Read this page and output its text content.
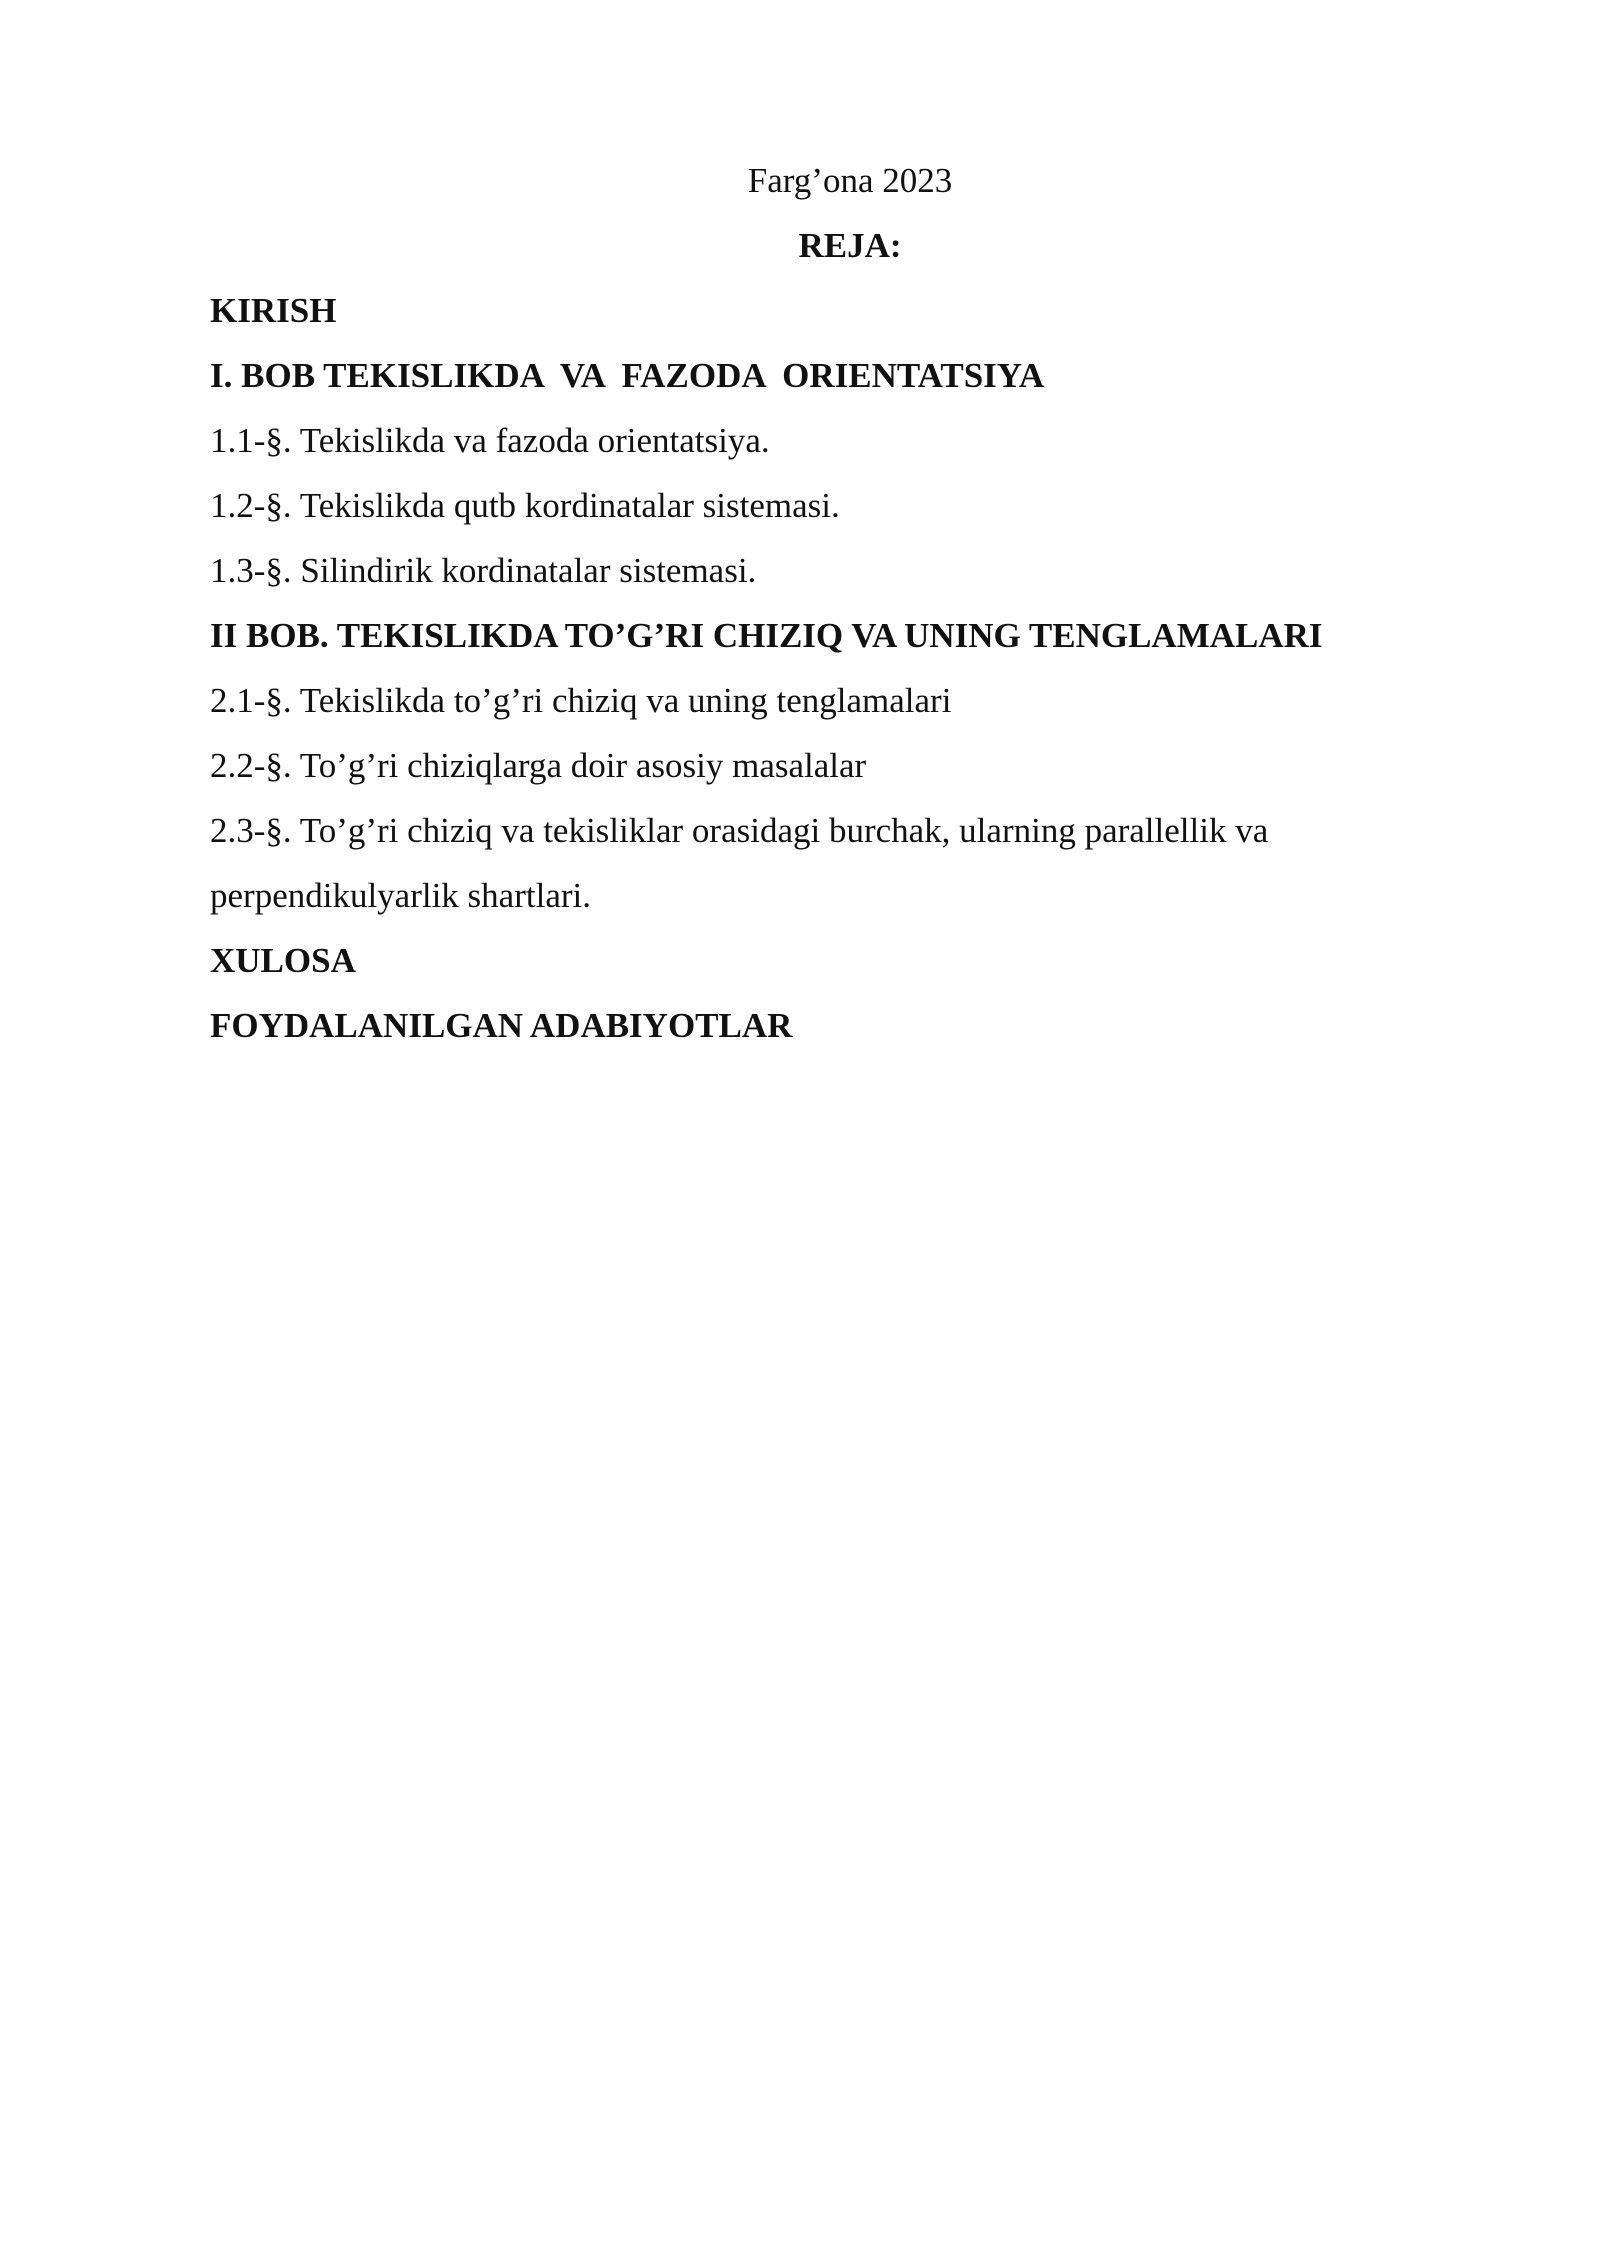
Farg’ona 2023
REJA:
KIRISH
I. BOB TEKISLIKDA  VA  FAZODA  ORIENTATSIYA
1.1-§. Tekislikda va fazoda orientatsiya.
1.2-§. Tekislikda qutb kordinatalar sistemasi.
1.3-§. Silindirik kordinatalar sistemasi.
II BOB. TEKISLIKDA TO’G’RI CHIZIQ VA UNING TENGLAMALARI
2.1-§. Tekislikda to’g’ri chiziq va uning tenglamalari
2.2-§. To’g’ri chiziqlarga doir asosiy masalalar
2.3-§. To’g’ri chiziq va tekisliklar orasidagi burchak, ularning parallellik va
perpendikulyarlik shartlari.
XULOSA
FOYDALANILGAN ADABIYOTLAR
